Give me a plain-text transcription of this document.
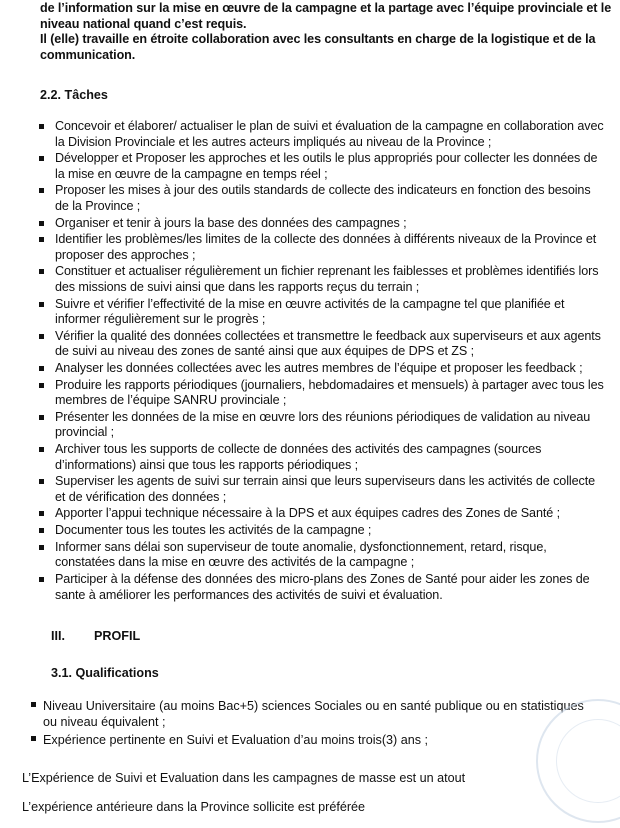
de l’information sur la mise en œuvre de la campagne et la partage avec l’équipe provinciale et le niveau national quand c’est requis.

Il (elle) travaille en étroite collaboration avec les consultants en charge de la logistique et de la communication.

2.2. Tâches
Concevoir et élaborer/ actualiser le plan de suivi et évaluation de la campagne en collaboration avec la Division Provinciale et les autres acteurs impliqués au niveau de la Province ;
Développer et Proposer les approches et les outils le plus appropriés pour collecter les données de la mise en œuvre de la campagne en temps réel ;
Proposer les mises à jour des outils standards de collecte des indicateurs en fonction des besoins de la Province ;
Organiser et tenir à jours la base des données des campagnes ;
Identifier les problèmes/les limites de la collecte des données à différents niveaux de la Province et proposer des approches ;
Constituer et actualiser régulièrement un fichier reprenant les faiblesses et problèmes identifiés lors des missions de suivi ainsi que dans les rapports reçus du terrain ;
Suivre et vérifier l’effectivité de la mise en œuvre activités de la campagne tel que planifiée et informer régulièrement sur le progrès ;
Vérifier la qualité des données collectées et transmettre le feedback aux superviseurs et aux agents de suivi au niveau des zones de santé ainsi que aux équipes de DPS et ZS ;
Analyser les données collectées avec les autres membres de l’équipe et proposer les feedback ;
Produire les rapports périodiques (journaliers, hebdomadaires et mensuels) à partager avec tous les membres de l’équipe SANRU provinciale ;
Présenter les données de la mise en œuvre lors des réunions périodiques de validation au niveau provincial ;
Archiver tous les supports de collecte de données des activités des campagnes (sources d’informations) ainsi que tous les rapports périodiques ;
Superviser les agents de suivi sur terrain ainsi que leurs superviseurs dans les activités de collecte et de vérification des données ;
Apporter l’appui technique nécessaire à la DPS et aux équipes cadres des Zones de Santé ;
Documenter tous les toutes les activités de la campagne ;
Informer sans délai son superviseur de toute anomalie, dysfonctionnement, retard, risque, constatées dans la mise en œuvre des activités de la campagne ;
Participer à la défense des données des micro-plans des Zones de Santé pour aider les zones de sante à améliorer les performances des activités de suivi et évaluation.
III. PROFIL
3.1. Qualifications
Niveau Universitaire (au moins Bac+5) sciences Sociales ou en santé publique ou en statistiques ou niveau équivalent ;
Expérience pertinente en Suivi et Evaluation d’au moins trois(3) ans ;
L’Expérience de Suivi et Evaluation dans les campagnes de masse est un atout
L’expérience antérieure dans la Province sollicite est préférée
